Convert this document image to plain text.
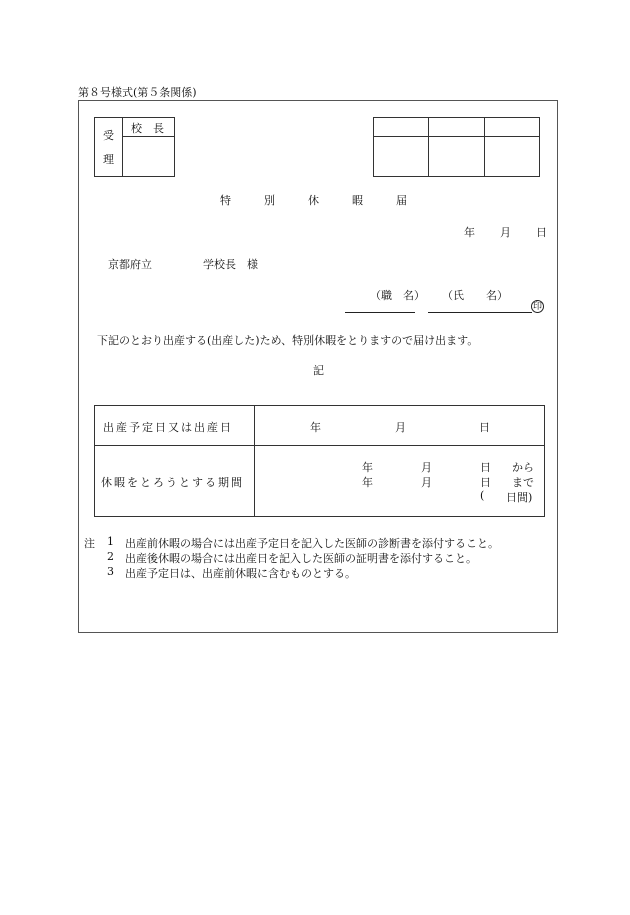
第８号様式(第５条関係)
受
理
校　長
特　　　別　　　休　　　暇　　　届
年 月 日
京都府立	学校長　様
（職　名） （氏　　名）
印
下記のとおり出産する(出産した)ため、特別休暇をとりますので届け出ます。
記
出産予定日又は出産日	年	月	日
休暇をとろうとする期間
年	月	日 から
年	月	日 まで
( 日間)
注 1 出産前休暇の場合には出産予定日を記入した医師の診断書を添付すること。
2 出産後休暇の場合には出産日を記入した医師の証明書を添付すること。
3 出産予定日は、出産前休暇に含むものとする。
